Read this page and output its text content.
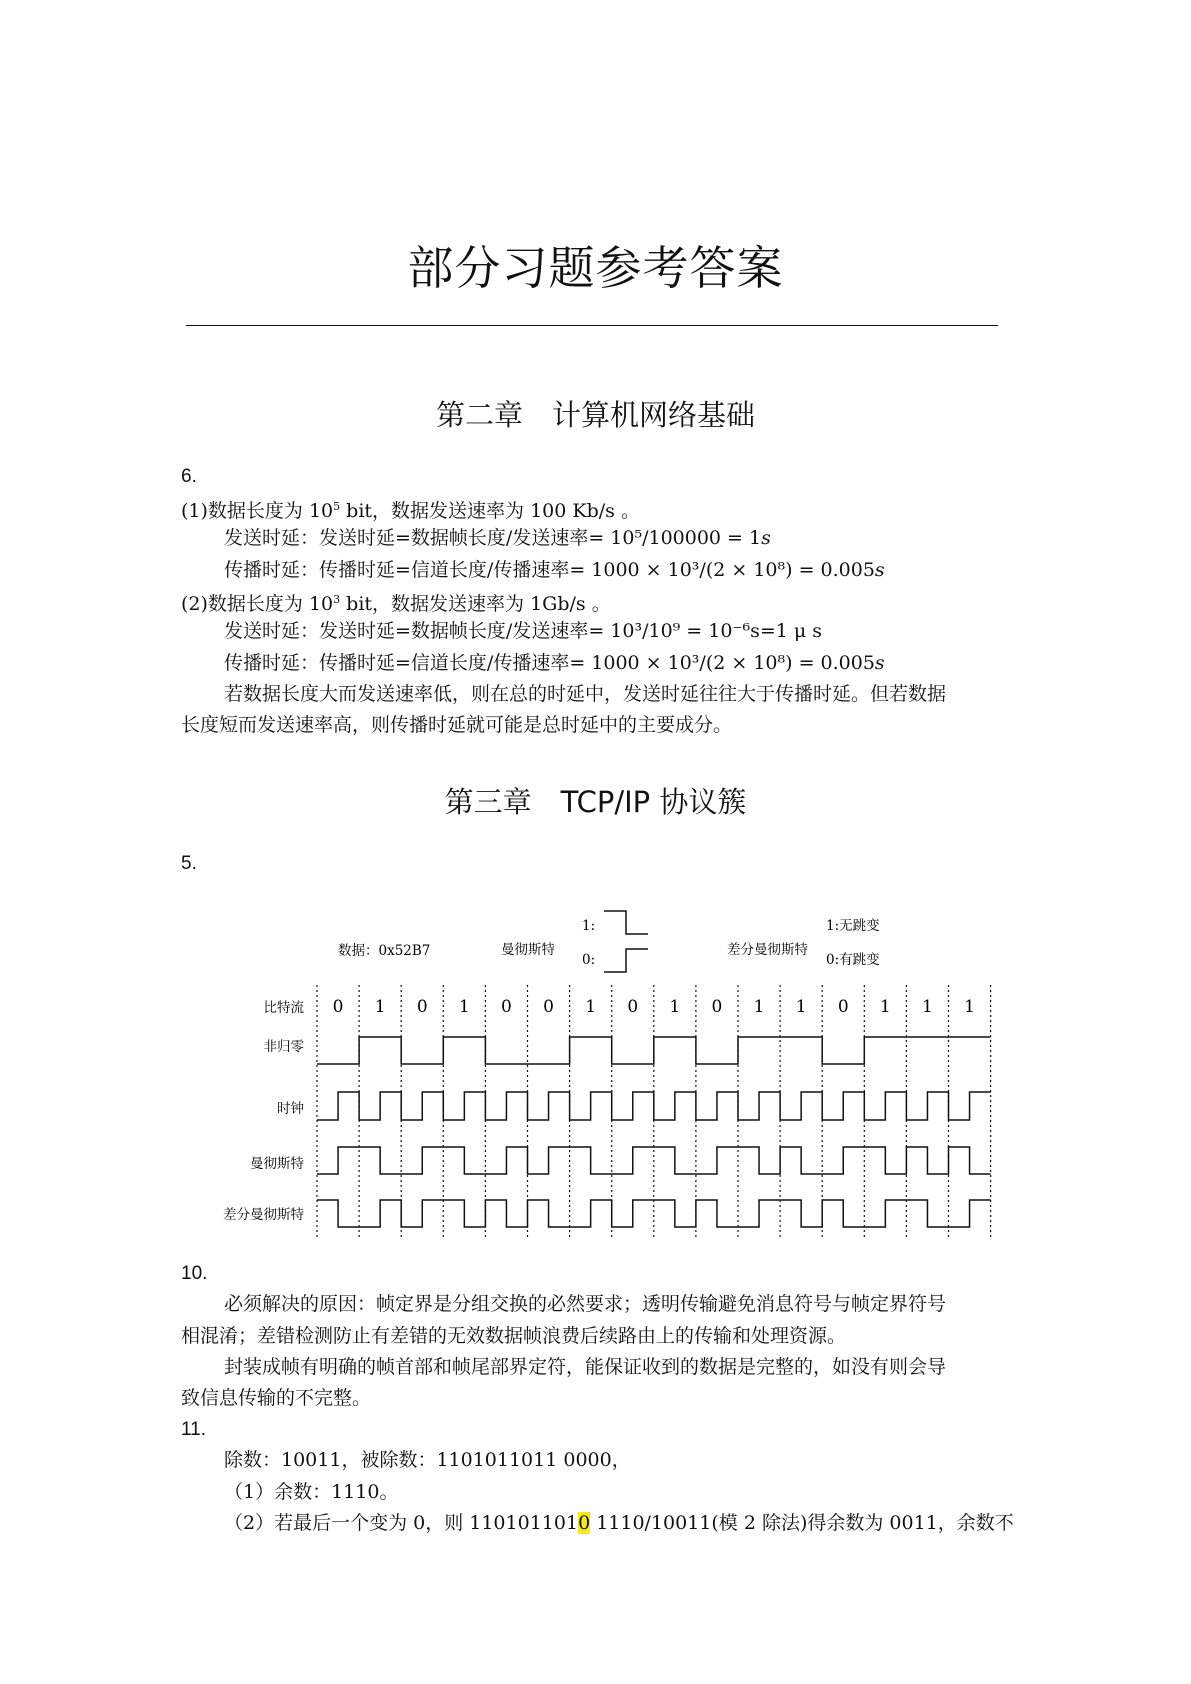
部分习题参考答案
第二章　计算机网络基础
6.
(1)数据长度为 $10^5$ bit，数据发送速率为 100 Kb/s 。
发送时延：发送时延=数据帧长度/发送速率= 10⁵/100000 = 1𝑠
传播时延：传播时延=信道长度/传播速率= 1000 × 10³/(2 × 10⁸) = 0.005𝑠
(2)数据长度为 $10^3$ bit，数据发送速率为 1Gb/s 。
发送时延：发送时延=数据帧长度/发送速率= 10³/10⁹ = 10⁻⁶s=1 μ s
传播时延：传播时延=信道长度/传播速率= 1000 × 10³/(2 × 10⁸) = 0.005𝑠
若数据长度大而发送速率低，则在总的时延中，发送时延往往大于传播时延。但若数据
长度短而发送速率高，则传播时延就可能是总时延中的主要成分。
第三章　TCP/IP 协议簇
5.
数据：0x52B7	曼彻斯特
1:
0:
差分曼彻斯特
1:无跳变
0:有跳变
比特流
非归零
时钟
曼彻斯特
差分曼彻斯特
0 1 0 1 0 0 1 0 1 0 1 1 0 1 1 1
10.
必须解决的原因：帧定界是分组交换的必然要求；透明传输避免消息符号与帧定界符号
相混淆；差错检测防止有差错的无效数据帧浪费后续路由上的传输和处理资源。
封装成帧有明确的帧首部和帧尾部界定符，能保证收到的数据是完整的，如没有则会导
致信息传输的不完整。
11.
除数：10011，被除数：1101011011 0000，
（1）余数：1110。
（2）若最后一个变为 0，则 1101011010 1110/10011(模 2 除法)得余数为 0011，余数不
